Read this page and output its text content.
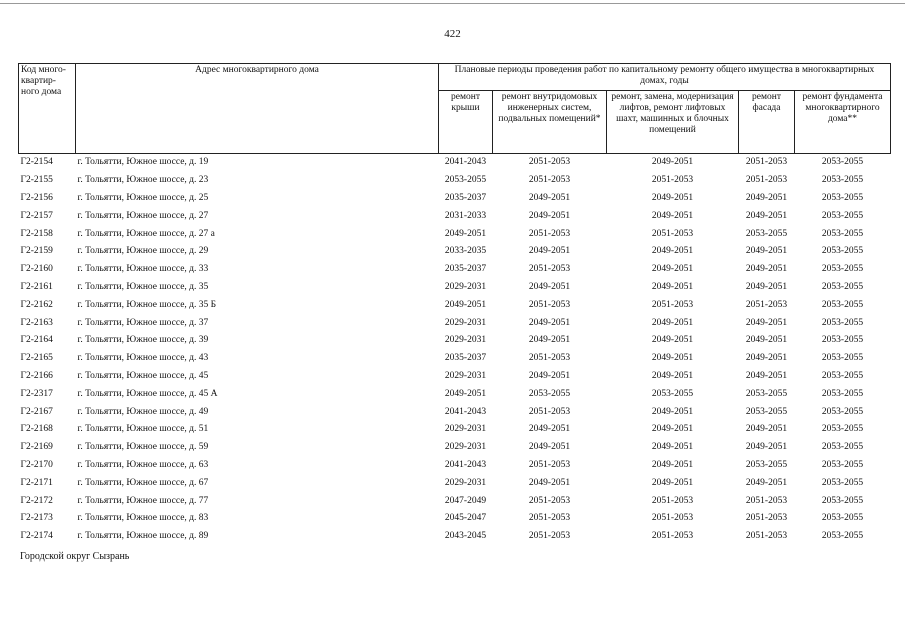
422
Код много-квартир-ного дома	Адрес многоквартирного дома	Плановые периоды проведения работ по капитальному ремонту общего имущества в многоквартирных домах, годы				
		ремонт крыши	ремонт внутридомовых инженерных систем, подвальных помещений*	ремонт, замена, модернизация лифтов, ремонт лифтовых шахт, машинных и блочных помещений	ремонт фасада	ремонт фундамента многоквартирного дома**
Г2-2154	г. Тольятти, Южное шоссе, д. 19	2041-2043	2051-2053	2049-2051	2051-2053	2053-2055
Г2-2155	г. Тольятти, Южное шоссе, д. 23	2053-2055	2051-2053	2051-2053	2051-2053	2053-2055
Г2-2156	г. Тольятти, Южное шоссе, д. 25	2035-2037	2049-2051	2049-2051	2049-2051	2053-2055
Г2-2157	г. Тольятти, Южное шоссе, д. 27	2031-2033	2049-2051	2049-2051	2049-2051	2053-2055
Г2-2158	г. Тольятти, Южное шоссе, д. 27 а	2049-2051	2051-2053	2051-2053	2053-2055	2053-2055
Г2-2159	г. Тольятти, Южное шоссе, д. 29	2033-2035	2049-2051	2049-2051	2049-2051	2053-2055
Г2-2160	г. Тольятти, Южное шоссе, д. 33	2035-2037	2051-2053	2049-2051	2049-2051	2053-2055
Г2-2161	г. Тольятти, Южное шоссе, д. 35	2029-2031	2049-2051	2049-2051	2049-2051	2053-2055
Г2-2162	г. Тольятти, Южное шоссе, д. 35 Б	2049-2051	2051-2053	2051-2053	2051-2053	2053-2055
Г2-2163	г. Тольятти, Южное шоссе, д. 37	2029-2031	2049-2051	2049-2051	2049-2051	2053-2055
Г2-2164	г. Тольятти, Южное шоссе, д. 39	2029-2031	2049-2051	2049-2051	2049-2051	2053-2055
Г2-2165	г. Тольятти, Южное шоссе, д. 43	2035-2037	2051-2053	2049-2051	2049-2051	2053-2055
Г2-2166	г. Тольятти, Южное шоссе, д. 45	2029-2031	2049-2051	2049-2051	2049-2051	2053-2055
Г2-2317	г. Тольятти, Южное шоссе, д. 45 А	2049-2051	2053-2055	2053-2055	2053-2055	2053-2055
Г2-2167	г. Тольятти, Южное шоссе, д. 49	2041-2043	2051-2053	2049-2051	2053-2055	2053-2055
Г2-2168	г. Тольятти, Южное шоссе, д. 51	2029-2031	2049-2051	2049-2051	2049-2051	2053-2055
Г2-2169	г. Тольятти, Южное шоссе, д. 59	2029-2031	2049-2051	2049-2051	2049-2051	2053-2055
Г2-2170	г. Тольятти, Южное шоссе, д. 63	2041-2043	2051-2053	2049-2051	2053-2055	2053-2055
Г2-2171	г. Тольятти, Южное шоссе, д. 67	2029-2031	2049-2051	2049-2051	2049-2051	2053-2055
Г2-2172	г. Тольятти, Южное шоссе, д. 77	2047-2049	2051-2053	2051-2053	2051-2053	2053-2055
Г2-2173	г. Тольятти, Южное шоссе, д. 83	2045-2047	2051-2053	2051-2053	2051-2053	2053-2055
Г2-2174	г. Тольятти, Южное шоссе, д. 89	2043-2045	2051-2053	2051-2053	2051-2053	2053-2055
Городской округ Сызрань
